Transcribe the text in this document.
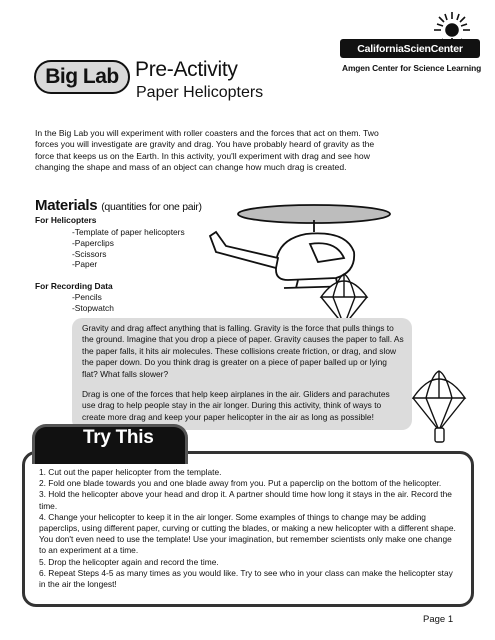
Big Lab Pre-Activity
Paper Helicopters
CaliforniaScienCenter
Amgen Center for Science Learning

In the Big Lab you will experiment with roller coasters and the forces that act on them. Two forces you will investigate are gravity and drag. You have probably heard of gravity as the force that keeps us on the Earth. In this activity, you'll experiment with drag and see how changing the shape and mass of an object can change how much drag is created.

Materials (quantities for one pair)
For Helicopters
-Template of paper helicopters
-Paperclips
-Scissors
-Paper
For Recording Data
-Pencils
-Stopwatch

Gravity and drag affect anything that is falling. Gravity is the force that pulls things to the ground. Imagine that you drop a piece of paper. Gravity causes the paper to fall. As the paper falls, it hits air molecules. These collisions create friction, or drag, and slow the paper down. Do you think drag is greater on a piece of paper balled up or lying flat? What falls slower?

Drag is one of the forces that help keep airplanes in the air. Gliders and parachutes use drag to help people stay in the air longer. During this activity, think of ways to create more drag and keep your paper helicopter in the air as long as possible!

1. Cut out the paper helicopter from the template.
2. Fold one blade towards you and one blade away from you. Put a paperclip on the bottom of the helicopter.
3. Hold the helicopter above your head and drop it. A partner should time how long it stays in the air. Record the time.
4. Change your helicopter to keep it in the air longer. Some examples of things to change may be adding paperclips, using different paper, curving or cutting the blades, or making a new helicopter with a different shape. You don't even need to use the template! Use your imagination, but remember scientists only make one change to an experiment at a time.
5. Drop the helicopter again and record the time.
6. Repeat Steps 4-5 as many times as you would like. Try to see who in your class can make the helicopter stay in the air the longest!
Try This
Page 1
